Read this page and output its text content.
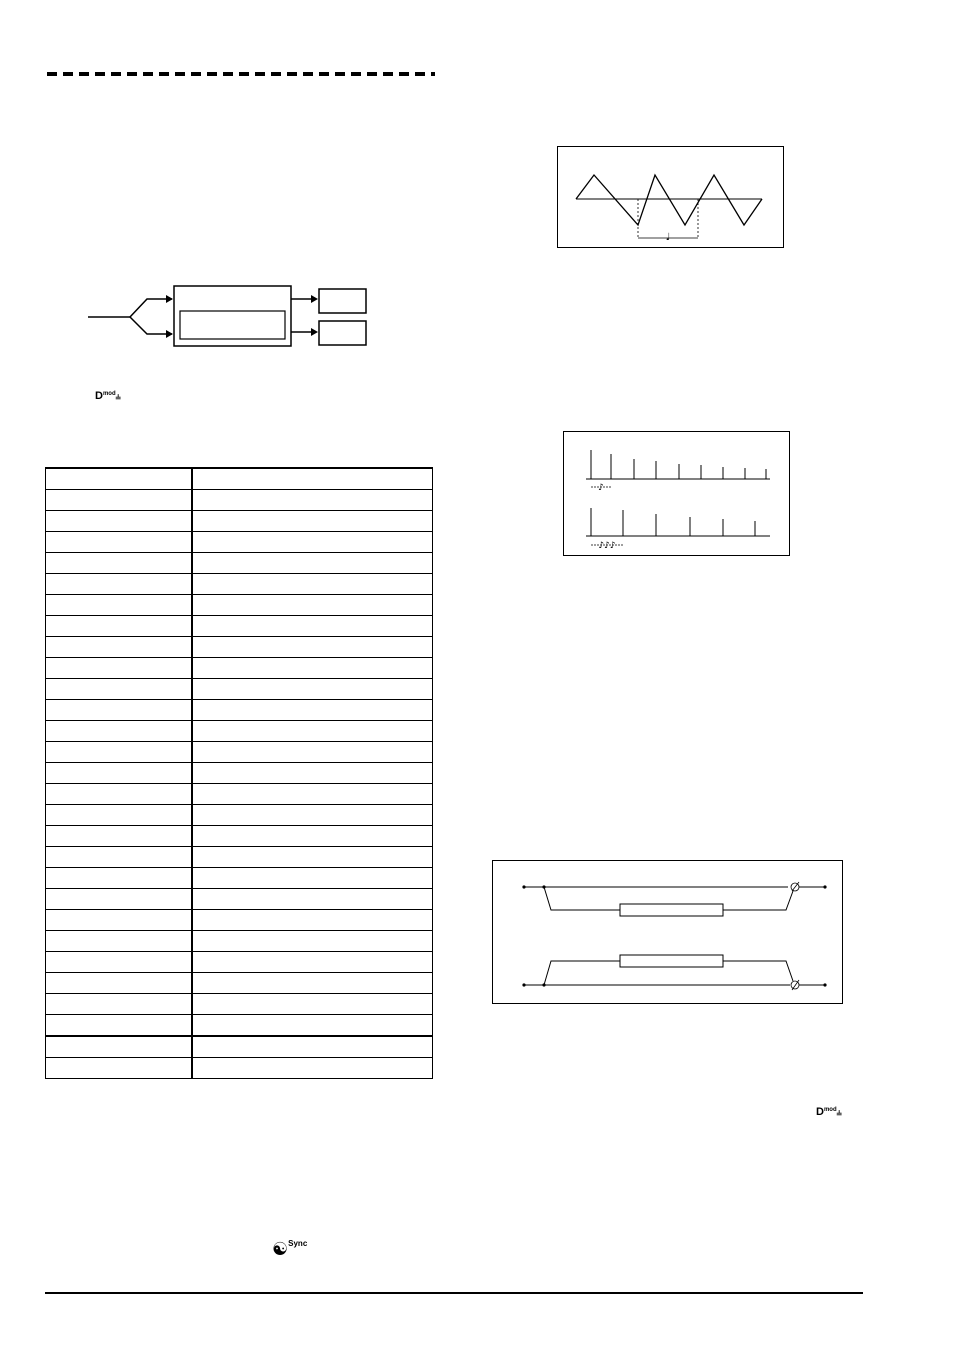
$D^{mod}⫨$

☯$^{Sync}$
♩
♪
♪♪♪
$D^{mod}⫨$
